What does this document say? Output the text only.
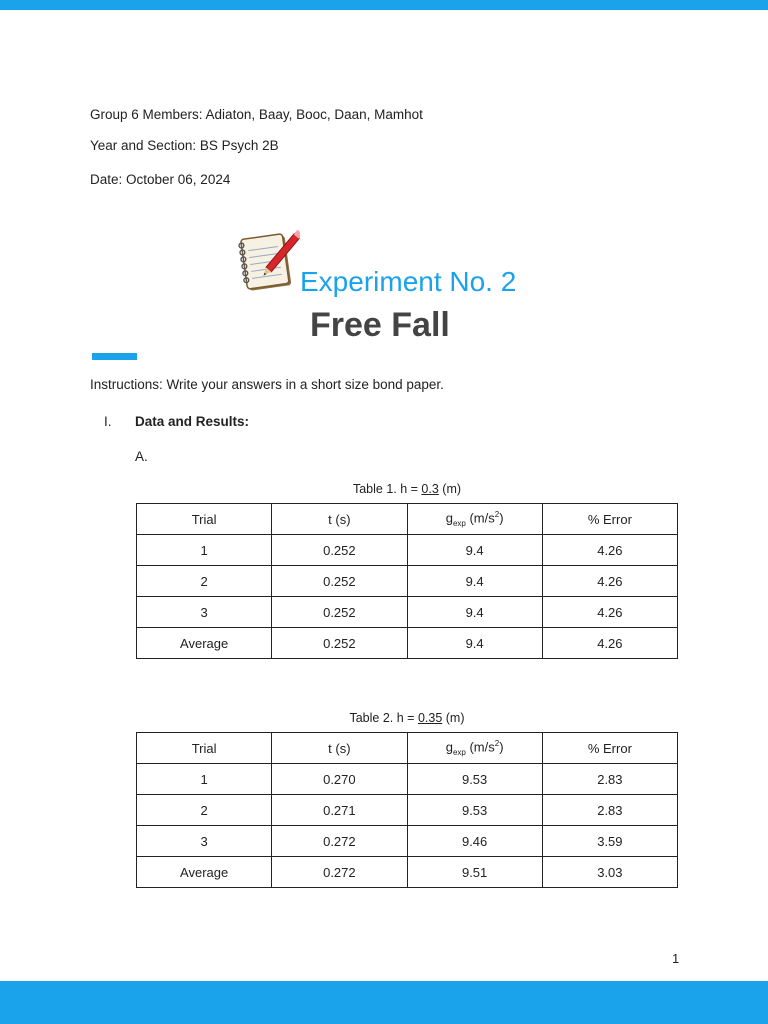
Group 6 Members: Adiaton, Baay, Booc, Daan, Mamhot
Year and Section: BS Psych 2B
Date: October 06, 2024
Experiment No. 2
Free Fall
Instructions: Write your answers in a short size bond paper.
I. Data and Results:
A.
Table 1. h = 0.3 (m)
Trial	t (s)	$g_{exp}$ $(m/s^2)$	% Error
1	0.252	9.4	4.26
2	0.252	9.4	4.26
3	0.252	9.4	4.26
Average	0.252	9.4	4.26
Table 2. h = 0.35 (m)
Trial	t (s)	$g_{exp}$ $(m/s^2)$	% Error
1	0.270	9.53	2.83
2	0.271	9.53	2.83
3	0.272	9.46	3.59
Average	0.272	9.51	3.03
1
